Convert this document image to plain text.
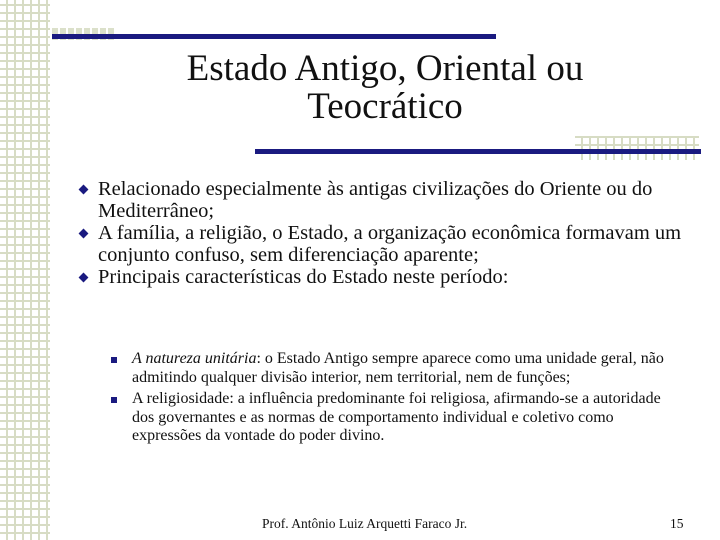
Estado Antigo, Oriental ou
Teocrático
Relacionado especialmente às antigas civilizações do Oriente ou do Mediterrâneo;
A família, a religião, o Estado, a organização econômica formavam um conjunto confuso, sem diferenciação aparente;
Principais características do Estado neste período:
A natureza unitária: o Estado Antigo sempre aparece como uma unidade geral, não admitindo qualquer divisão interior, nem territorial, nem de funções;
A religiosidade: a influência predominante foi religiosa, afirmando-se a autoridade dos governantes e as normas de comportamento individual e coletivo como expressões da vontade do poder divino.
Prof. Antônio Luiz Arquetti Faraco Jr.	15
